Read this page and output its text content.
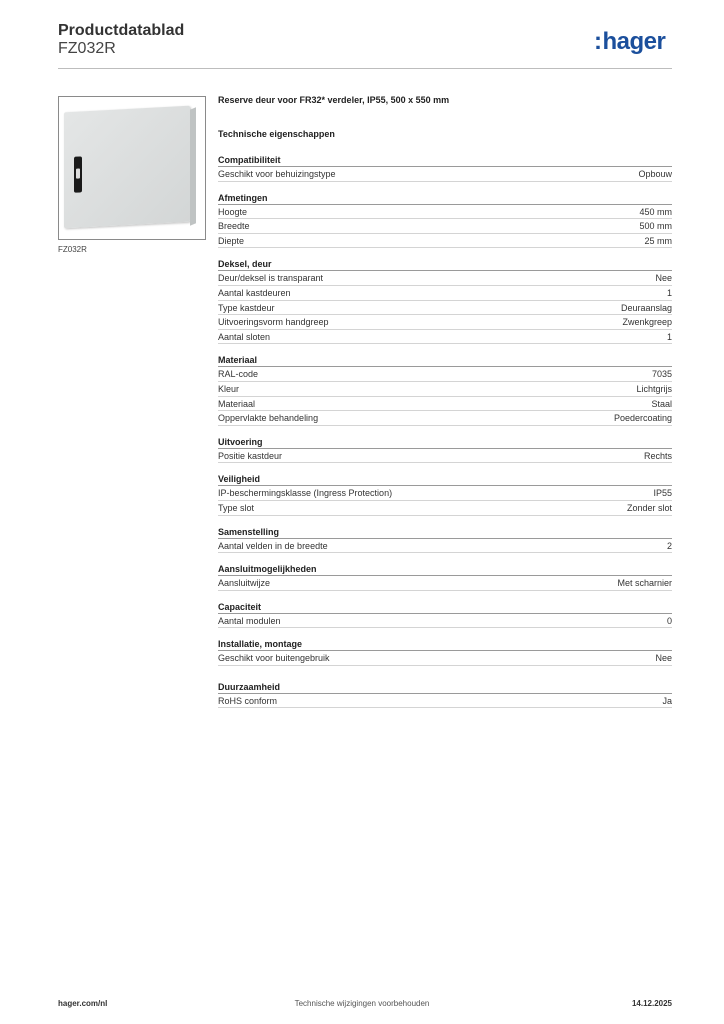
Productdatablad
FZ032R	:hager
FZ032R
Reserve deur voor FR32* verdeler, IP55, 500 x 550 mm
Technische eigenschappen
Compatibiliteit
Geschikt voor behuizingstype	Opbouw
Afmetingen
Hoogte	450 mm
Breedte	500 mm
Diepte	25 mm
Deksel, deur
Deur/deksel is transparant	Nee
Aantal kastdeuren	1
Type kastdeur	Deuraanslag
Uitvoeringsvorm handgreep	Zwenkgreep
Aantal sloten	1
Materiaal
RAL-code	7035
Kleur	Lichtgrijs
Materiaal	Staal
Oppervlakte behandeling	Poedercoating
Uitvoering
Positie kastdeur	Rechts
Veiligheid
IP-beschermingsklasse (Ingress Protection)	IP55
Type slot	Zonder slot
Samenstelling
Aantal velden in de breedte	2
Aansluitmogelijkheden
Aansluitwijze	Met scharnier
Capaciteit
Aantal modulen	0
Installatie, montage
Geschikt voor buitengebruik	Nee
Duurzaamheid
RoHS conform	Ja
hager.com/nl	Technische wijzigingen voorbehouden	14.12.2025
